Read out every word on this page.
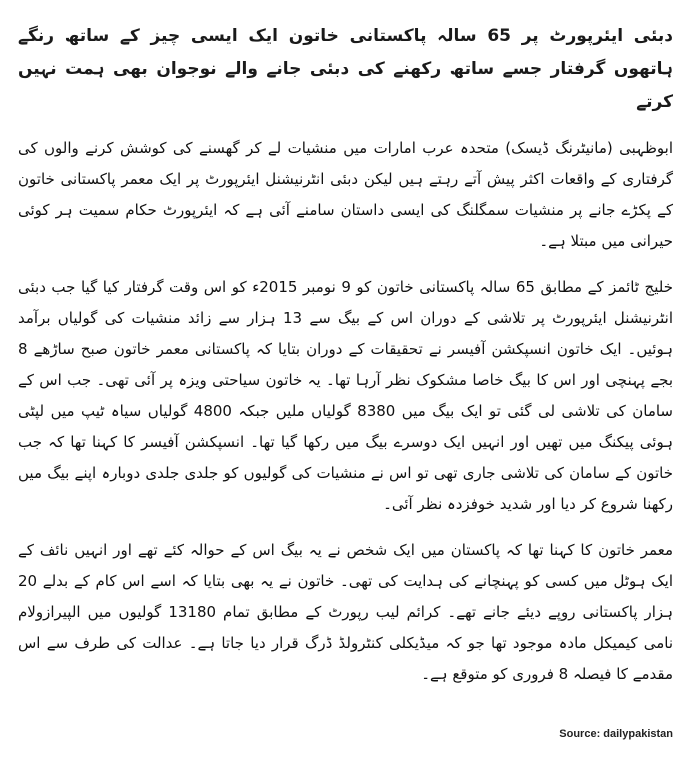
دبئی ایئرپورٹ پر 65 سالہ پاکستانی خاتون ایک ایسی چیز کے ساتھ رنگے ہاتھوں گرفتار جسے ساتھ رکھنے کی دبئی جانے والے نوجوان بھی ہمت نہیں کرتے

ابوظہبی (مانیٹرنگ ڈیسک) متحدہ عرب امارات میں منشیات لے کر گھسنے کی کوشش کرنے والوں کی گرفتاری کے واقعات اکثر پیش آتے رہتے ہیں لیکن دبئی انٹرنیشنل ایئرپورٹ پر ایک معمر پاکستانی خاتون کے پکڑے جانے پر منشیات سمگلنگ کی ایسی داستان سامنے آئی ہے کہ ایئرپورٹ حکام سمیت ہر کوئی حیرانی میں مبتلا ہے۔

خلیج ٹائمز کے مطابق 65 سالہ پاکستانی خاتون کو 9 نومبر 2015ء کو اس وقت گرفتار کیا گیا جب دبئی انٹرنیشنل ایئرپورٹ پر تلاشی کے دوران اس کے بیگ سے 13 ہزار سے زائد منشیات کی گولیاں برآمد ہوئیں۔ ایک خاتون انسپکشن آفیسر نے تحقیقات کے دوران بتایا کہ پاکستانی معمر خاتون صبح ساڑھے 8 بجے پہنچی اور اس کا بیگ خاصا مشکوک نظر آرہا تھا۔ یہ خاتون سیاحتی ویزہ پر آئی تھی۔ جب اس کے سامان کی تلاشی لی گئی تو ایک بیگ میں 8380 گولیاں ملیں جبکہ 4800 گولیاں سیاہ ٹیپ میں لپٹی ہوئی پیکنگ میں تھیں اور انہیں ایک دوسرے بیگ میں رکھا گیا تھا۔ انسپکشن آفیسر کا کہنا تھا کہ جب خاتون کے سامان کی تلاشی جاری تھی تو اس نے منشیات کی گولیوں کو جلدی جلدی دوبارہ اپنے بیگ میں رکھنا شروع کر دیا اور شدید خوفزدہ نظر آئی۔

معمر خاتون کا کہنا تھا کہ پاکستان میں ایک شخص نے یہ بیگ اس کے حوالہ کئے تھے اور انہیں نائف کے ایک ہوٹل میں کسی کو پہنچانے کی ہدایت کی تھی۔ خاتون نے یہ بھی بتایا کہ اسے اس کام کے بدلے 20 ہزار پاکستانی روپے دیئے جانے تھے۔ کرائم لیب رپورٹ کے مطابق تمام 13180 گولیوں میں الپیرازولام نامی کیمیکل مادہ موجود تھا جو کہ میڈیکلی کنٹرولڈ ڈرگ قرار دیا جاتا ہے۔ عدالت کی طرف سے اس مقدمے کا فیصلہ 8 فروری کو متوقع ہے۔

Source: dailypakistan
